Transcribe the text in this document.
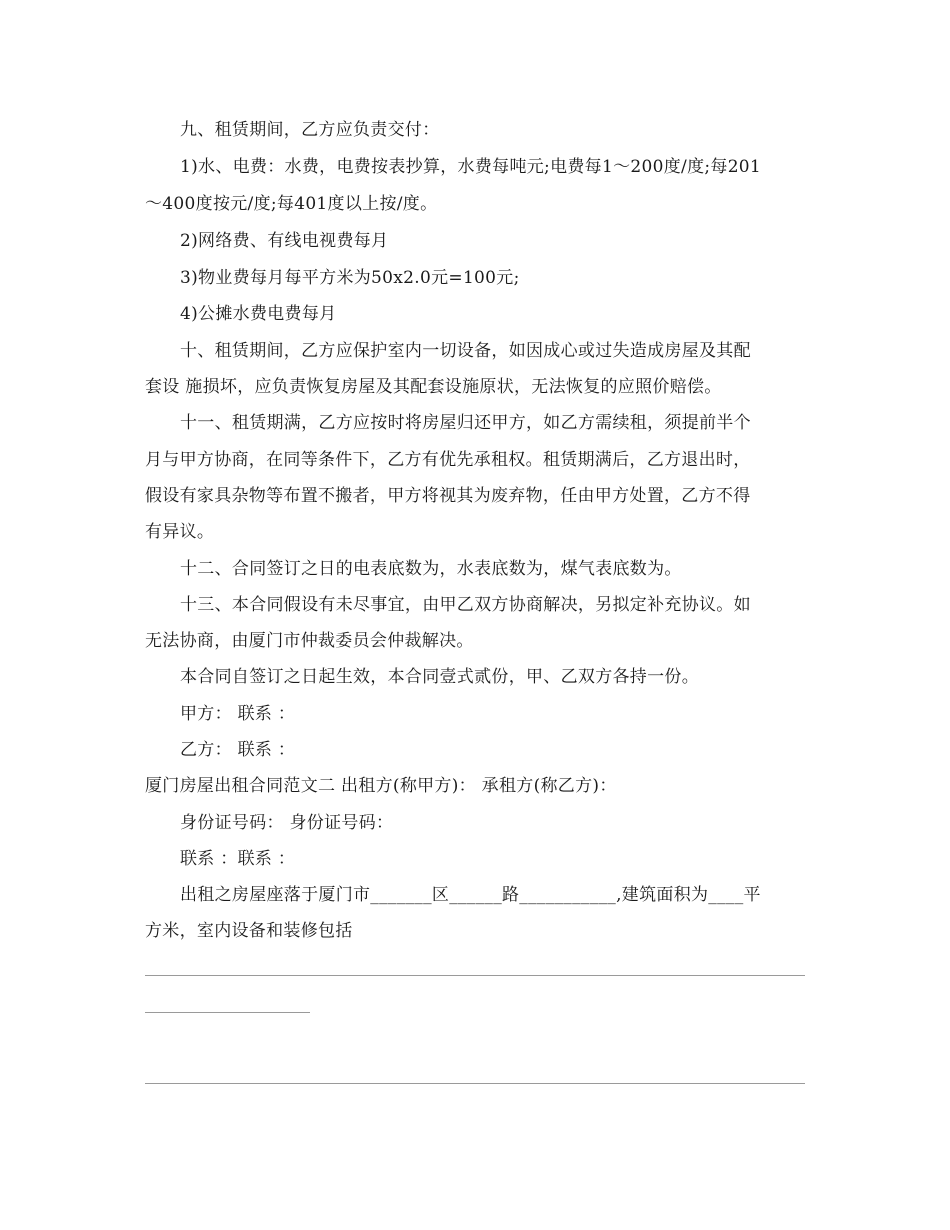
九、租赁期间，乙方应负责交付：
1)水、电费：水费，电费按表抄算，水费每吨元;电费每1～200度/度;每201
～400度按元/度;每401度以上按/度。
2)网络费、有线电视费每月
3)物业费每月每平方米为50x2.0元=100元;
4)公摊水费电费每月
十、租赁期间，乙方应保护室内一切设备，如因成心或过失造成房屋及其配
套设 施损坏，应负责恢复房屋及其配套设施原状，无法恢复的应照价赔偿。
十一、租赁期满，乙方应按时将房屋归还甲方，如乙方需续租，须提前半个
月与甲方协商，在同等条件下，乙方有优先承租权。租赁期满后，乙方退出时，
假设有家具杂物等布置不搬者，甲方将视其为废弃物，任由甲方处置，乙方不得
有异议。
十二、合同签订之日的电表底数为，水表底数为，煤气表底数为。
十三、本合同假设有未尽事宜，由甲乙双方协商解决，另拟定补充协议。如
无法协商，由厦门市仲裁委员会仲裁解决。
本合同自签订之日起生效，本合同壹式贰份，甲、乙双方各持一份。
甲方： 联系 ：
乙方： 联系 ：
厦门房屋出租合同范文二 出租方(称甲方)： 承租方(称乙方)：
身份证号码： 身份证号码：
联系 ：联系 ：
出租之房屋座落于厦门市_______区______路___________,建筑面积为____平
方米，室内设备和装修包括
